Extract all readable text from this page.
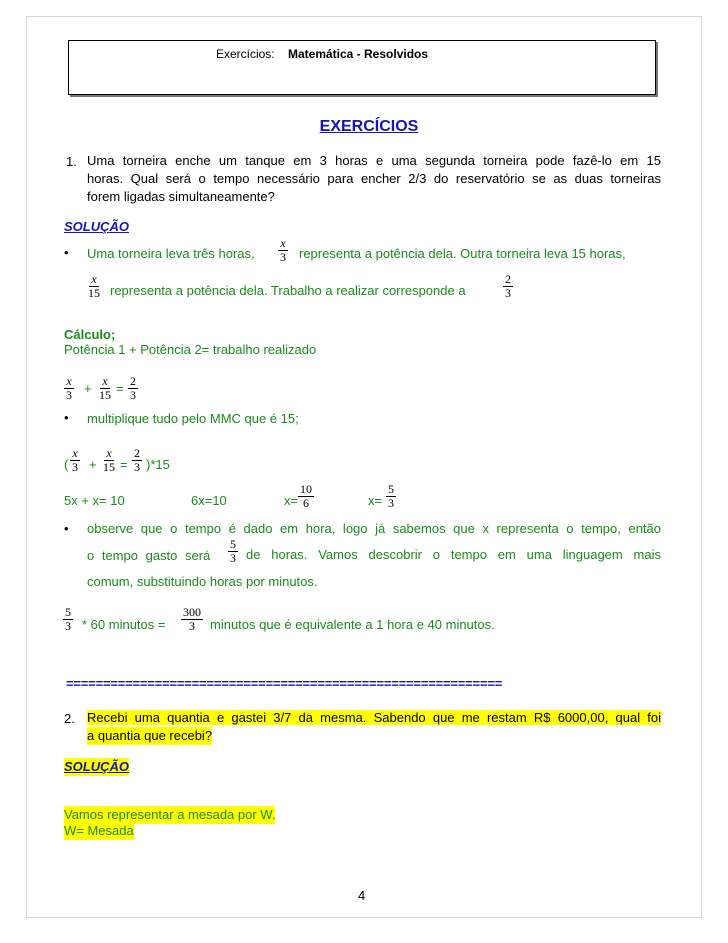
Exercícios: Matemática - Resolvidos
EXERCÍCIOS
1. Uma torneira enche um tanque em 3 horas e uma segunda torneira pode fazê-lo em 15
horas. Qual será o tempo necessário para encher 2/3 do reservatório se as duas torneiras
forem ligadas simultaneamente?
SOLUÇÃO
• Uma torneira leva três horas, $\frac{x}{3}$ representa a potência dela. Outra torneira leva 15 horas,
$\frac{x}{15}$ representa a potência dela. Trabalho a realizar corresponde a	$\frac{2}{3}$
Cálculo;
Potência 1 + Potência 2= trabalho realizado
$\frac{x}{3} + \frac{x}{15} = \frac{2}{3}$
• multiplique tudo pelo MMC que é 15;
( $\frac{x}{3} + \frac{x}{15} = \frac{2}{3} )*15$
5x + x= 10	6x=10	$x= \frac{10}{6}$	$x= \frac{5}{3}$
• observe que o tempo é dado em hora, logo já sabemos que x representa o tempo, então
o tempo gasto será $\frac{5}{3}$ de horas. Vamos descobrir o tempo em uma linguagem mais
comum, substituindo horas por minutos.
$\frac{5}{3} * 60$ minutos = $\frac{300}{3}$ minutos que é equivalente a 1 hora e 40 minutos.
===========================================================
2. Recebi uma quantia e gastei 3/7 da mesma. Sabendo que me restam R$ 6000,00, qual foi
a quantia que recebi?
SOLUÇÃO
Vamos representar a mesada por W.
W= Mesada
4
